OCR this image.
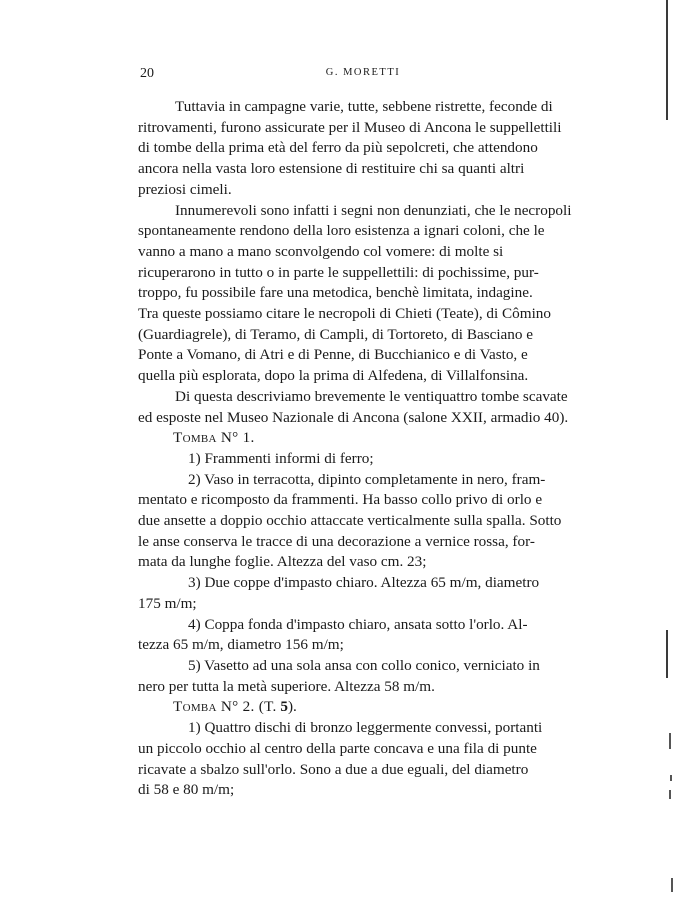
20	G. MORETTI

Tuttavia in campagne varie, tutte, sebbene ristrette, feconde di

ritrovamenti, furono assicurate per il Museo di Ancona le suppellettili

di tombe della prima età del ferro da più sepolcreti, che attendono

ancora nella vasta loro estensione di restituire chi sa quanti altri

preziosi cimeli.

Innumerevoli sono infatti i segni non denunziati, che le necropoli

spontaneamente rendono della loro esistenza a ignari coloni, che le

vanno a mano a mano sconvolgendo col vomere: di molte si

ricuperarono in tutto o in parte le suppellettili: di pochissime, pur-

troppo, fu possibile fare una metodica, benchè limitata, indagine.

Tra queste possiamo citare le necropoli di Chieti (Teate), di Cômino

(Guardiagrele), di Teramo, di Campli, di Tortoreto, di Basciano e

Ponte a Vomano, di Atri e di Penne, di Bucchianico e di Vasto, e

quella più esplorata, dopo la prima di Alfedena, di Villalfonsina.

Di questa descriviamo brevemente le ventiquattro tombe scavate

ed esposte nel Museo Nazionale di Ancona (salone XXII, armadio 40).

Tomba N° 1.

1) Frammenti informi di ferro;

2) Vaso in terracotta, dipinto completamente in nero, fram-

mentato e ricomposto da frammenti. Ha basso collo privo di orlo e

due ansette a doppio occhio attaccate verticalmente sulla spalla. Sotto

le anse conserva le tracce di una decorazione a vernice rossa, for-

mata da lunghe foglie. Altezza del vaso cm. 23;

3) Due coppe d'impasto chiaro. Altezza 65 m/m, diametro

175 m/m;

4) Coppa fonda d'impasto chiaro, ansata sotto l'orlo. Al-

tezza 65 m/m, diametro 156 m/m;

5) Vasetto ad una sola ansa con collo conico, verniciato in

nero per tutta la metà superiore. Altezza 58 m/m.

Tomba N° 2. (T. 5).

1) Quattro dischi di bronzo leggermente convessi, portanti

un piccolo occhio al centro della parte concava e una fila di punte

ricavate a sbalzo sull'orlo. Sono a due a due eguali, del diametro

di 58 e 80 m/m;
